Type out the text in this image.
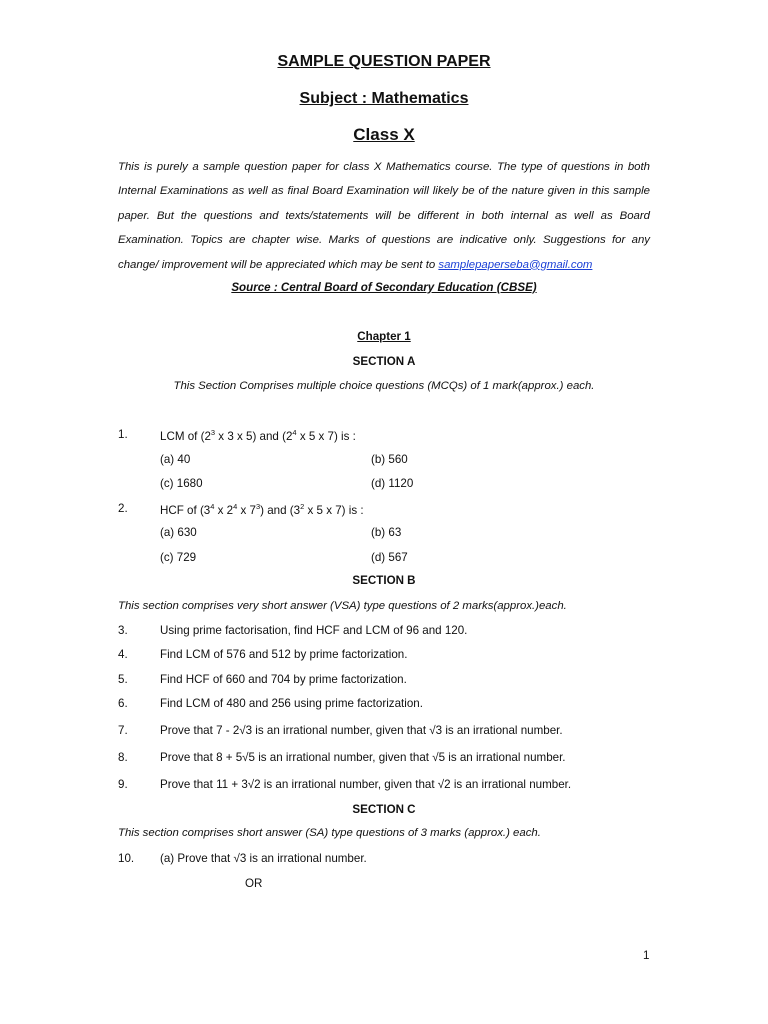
SAMPLE QUESTION PAPER
Subject : Mathematics
Class X

This is purely a sample question paper for class X Mathematics course. The type of questions in both Internal Examinations as well as final Board Examination will likely be of the nature given in this sample paper. But the questions and texts/statements will be different in both internal as well as Board Examination. Topics are chapter wise. Marks of questions are indicative only. Suggestions for any change/ improvement will be appreciated which may be sent to samplepaperseba@gmail.com

Source : Central Board of Secondary Education (CBSE)
Chapter 1
SECTION A
This Section Comprises multiple choice questions (MCQs) of 1 mark(approx.) each.
1.	LCM of ($2^3$ x 3 x 5) and ($2^4$ x 5 x 7) is :
(a) 40	(b) 560
(c) 1680	(d) 1120
2.	HCF of ($3^4$ x $2^4$ x $7^3$) and ($3^2$ x 5 x 7) is :
(a) 630	(b) 63
(c) 729	(d) 567
SECTION B
This section comprises very short answer (VSA) type questions of 2 marks(approx.)each.
3.	Using prime factorisation, find HCF and LCM of 96 and 120.
4.	Find LCM of 576 and 512 by prime factorization.
5.	Find HCF of 660 and 704 by prime factorization.
6.	Find LCM of 480 and 256 using prime factorization.
7.	Prove that 7 - 2√3 is an irrational number, given that √3 is an irrational number.
8.	Prove that 8 + 5√5 is an irrational number, given that √5 is an irrational number.
9.	Prove that 11 + 3√2 is an irrational number, given that √2 is an irrational number.
SECTION C
This section comprises short answer (SA) type questions of 3 marks (approx.) each.
10. (a) Prove that √3 is an irrational number.
OR
1
